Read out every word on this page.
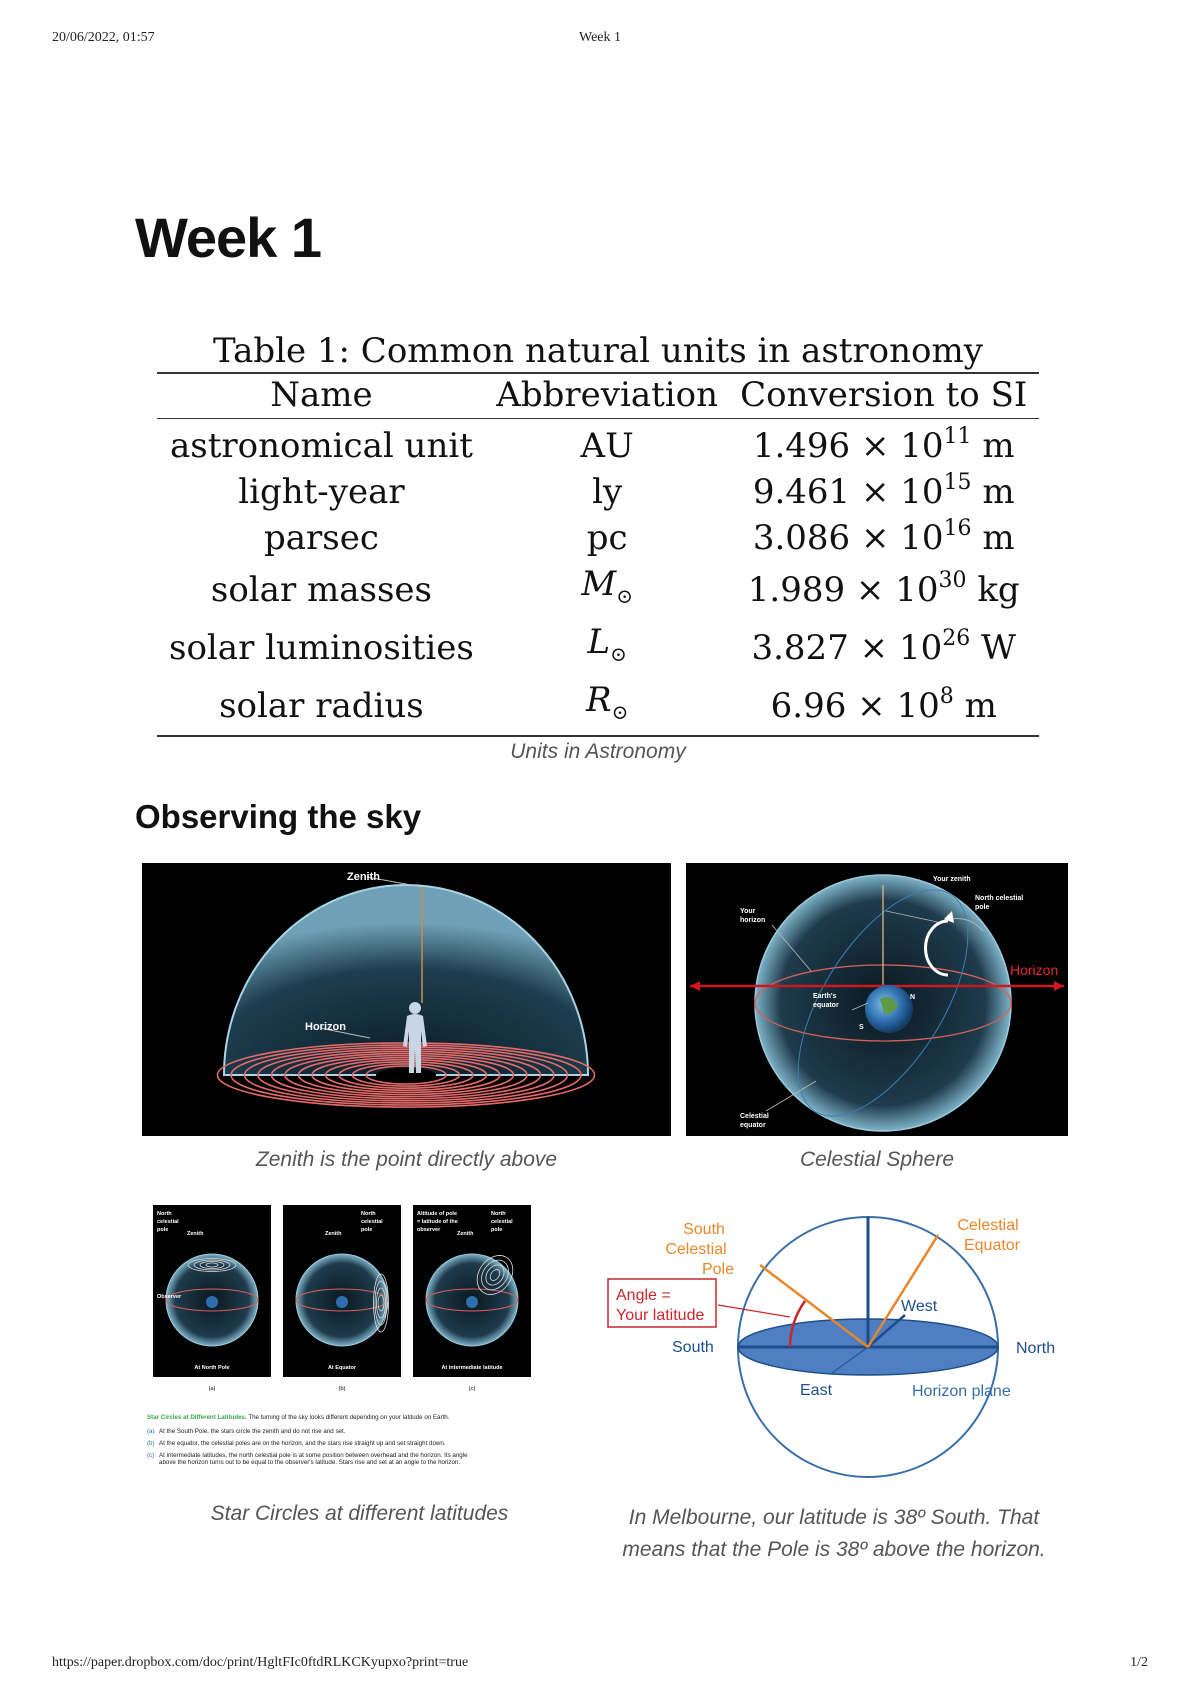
20/06/2022, 01:57	Week 1
Week 1
Table 1: Common natural units in astronomy
Name	Abbreviation	Conversion to SI
astronomical unit	AU	$1.496 \times 10^{11}$ m
light-year	ly	$9.461 \times 10^{15}$ m
parsec	pc	$3.086 \times 10^{16}$ m
solar masses	$M_⊙$	$1.989 \times 10^{30}$ kg
solar luminosities	$L_⊙$	$3.827 \times 10^{26}$ W
solar radius	$R_⊙$	$6.96 \times 10^8$ m
Units in Astronomy
Observing the sky
Zenith
Horizon
Zenith is the point directly above
Your zenith
North celestial
pole
Your
horizon
Earth's
equator
N
S
Celestial
equator
Horizon
Celestial Sphere
North
celestial
pole
Zenith
Observer
At North Pole
(a)
North
celestial
pole
Zenith
At Equator
(b)
Altitude of pole
= latitude of the
observer
North
celestial
pole
Zenith
At intermediate latitude
(c)
Star Circles at Different Latitudes. The turning of the sky looks different depending on your latitude on Earth.
(a) At the South Pole, the stars circle the zenith and do not rise and set.
(b) At the equator, the celestial poles are on the horizon, and the stars rise straight up and set straight down.
(c) At intermediate latitudes, the north celestial pole is at some position between overhead and the horizon. Its angle
above the horizon turns out to be equal to the observer's latitude. Stars rise and set at an angle to the horizon.
Star Circles at different latitudes
Angle =
Your latitude
South
Celestial
Pole
Celestial
Equator
West
South	North
East	Horizon plane
In Melbourne, our latitude is 38º South. That
means that the Pole is 38º above the horizon.
https://paper.dropbox.com/doc/print/HgltFIc0ftdRLKCKyupxo?print=true	1/2
